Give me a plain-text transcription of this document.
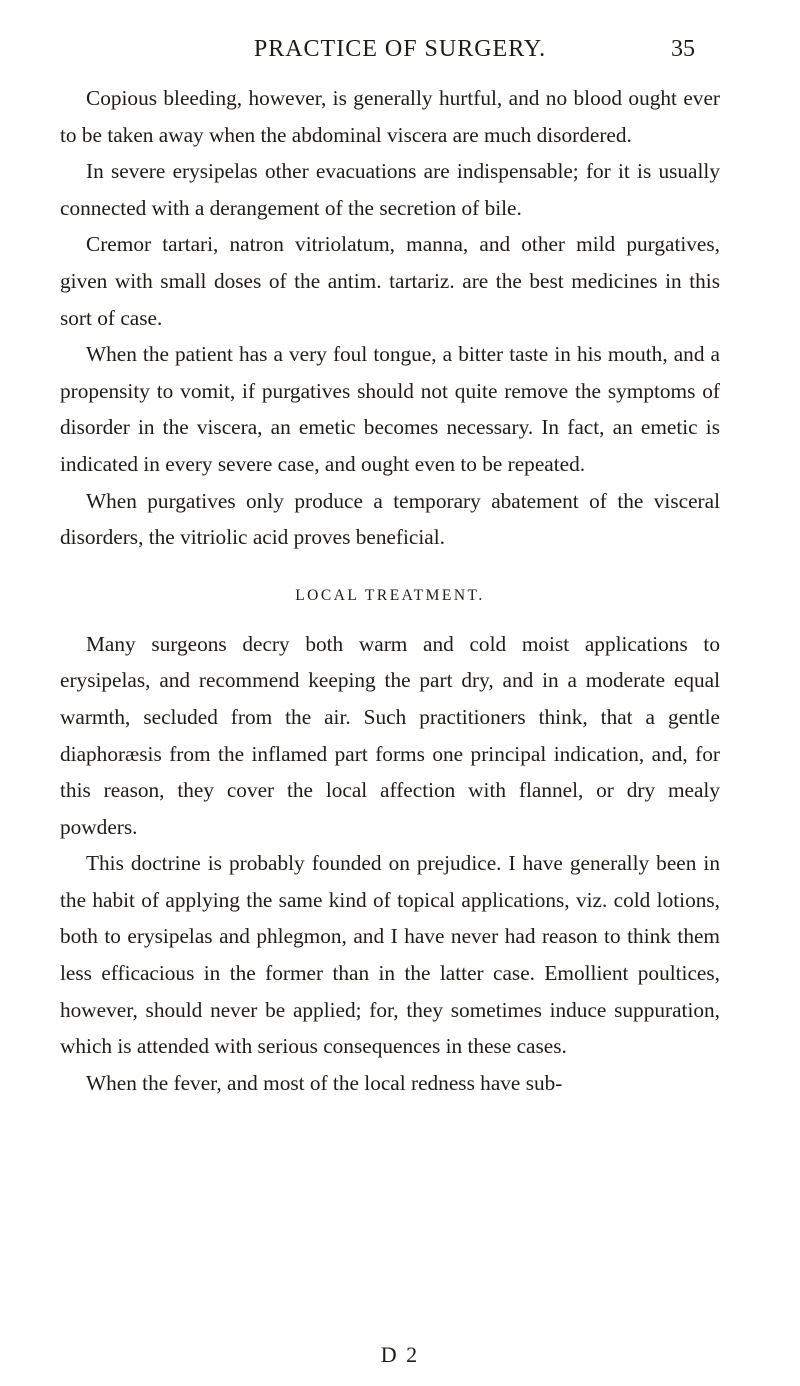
PRACTICE OF SURGERY.	35

Copious bleeding, however, is generally hurtful, and no blood ought ever to be taken away when the abdominal viscera are much disordered.

In severe erysipelas other evacuations are indispensable; for it is usually connected with a derangement of the secretion of bile.

Cremor tartari, natron vitriolatum, manna, and other mild purgatives, given with small doses of the antim. tartariz. are the best medicines in this sort of case.

When the patient has a very foul tongue, a bitter taste in his mouth, and a propensity to vomit, if purgatives should not quite remove the symptoms of disorder in the viscera, an emetic becomes necessary. In fact, an emetic is indicated in every severe case, and ought even to be repeated.

When purgatives only produce a temporary abatement of the visceral disorders, the vitriolic acid proves beneficial.

LOCAL TREATMENT.

Many surgeons decry both warm and cold moist applications to erysipelas, and recommend keeping the part dry, and in a moderate equal warmth, secluded from the air. Such practitioners think, that a gentle diaphoræsis from the inflamed part forms one principal indication, and, for this reason, they cover the local affection with flannel, or dry mealy powders.

This doctrine is probably founded on prejudice. I have generally been in the habit of applying the same kind of topical applications, viz. cold lotions, both to erysipelas and phlegmon, and I have never had reason to think them less efficacious in the former than in the latter case. Emollient poultices, however, should never be applied; for, they sometimes induce suppuration, which is attended with serious consequences in these cases.

When the fever, and most of the local redness have sub-

D 2
